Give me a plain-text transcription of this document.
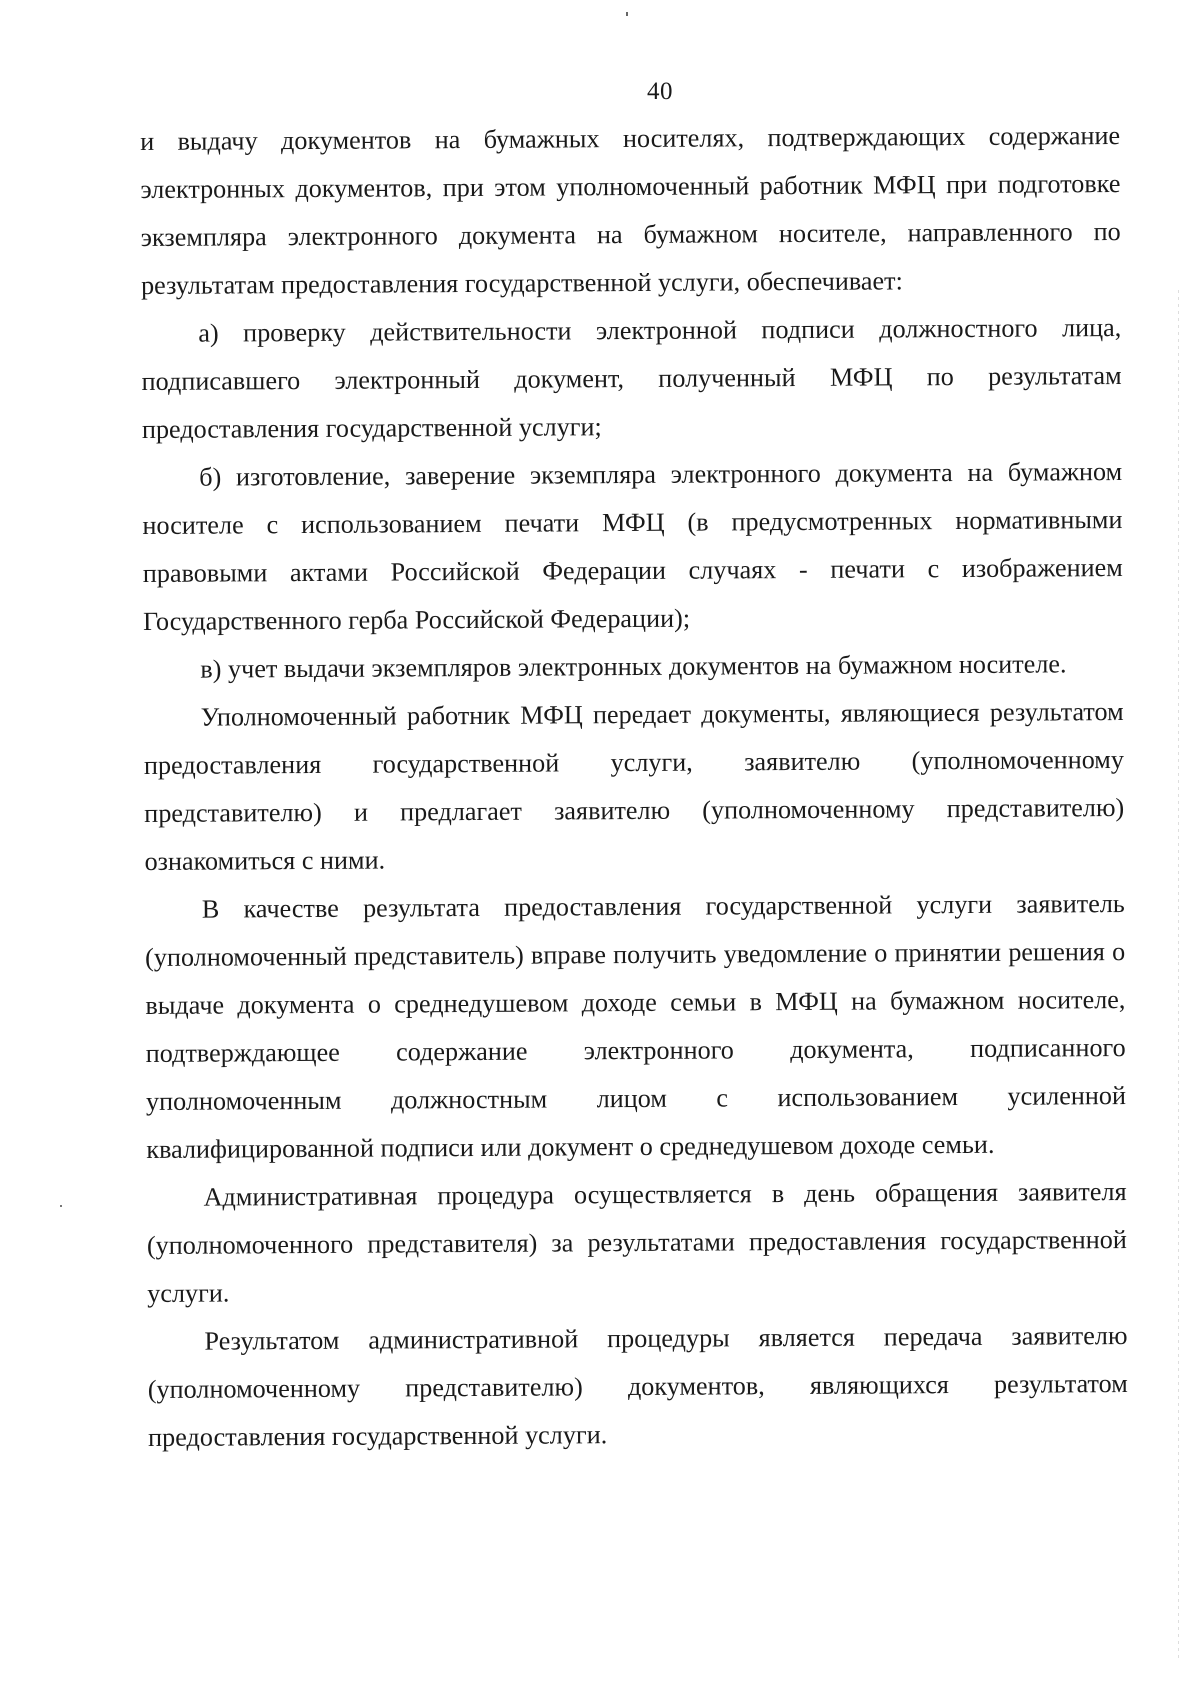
40

и выдачу документов на бумажных носителях, подтверждающих содержание электронных документов, при этом уполномоченный работник МФЦ при подготовке экземпляра электронного документа на бумажном носителе, направленного по результатам предоставления государственной услуги, обеспечивает:

а) проверку действительности электронной подписи должностного лица, подписавшего электронный документ, полученный МФЦ по результатам предоставления государственной услуги;

б) изготовление, заверение экземпляра электронного документа на бумажном носителе с использованием печати МФЦ (в предусмотренных нормативными правовыми актами Российской Федерации случаях - печати с изображением Государственного герба Российской Федерации);

в) учет выдачи экземпляров электронных документов на бумажном носителе.

Уполномоченный работник МФЦ передает документы, являющиеся результатом предоставления государственной услуги, заявителю (уполномоченному представителю) и предлагает заявителю (уполномоченному представителю) ознакомиться с ними.

В качестве результата предоставления государственной услуги заявитель (уполномоченный представитель) вправе получить уведомление о принятии решения о выдаче документа о среднедушевом доходе семьи в МФЦ на бумажном носителе, подтверждающее содержание электронного документа, подписанного уполномоченным должностным лицом с использованием усиленной квалифицированной подписи или документ о среднедушевом доходе семьи.

Административная процедура осуществляется в день обращения заявителя (уполномоченного представителя) за результатами предоставления государственной услуги.

Результатом административной процедуры является передача заявителю (уполномоченному представителю) документов, являющихся результатом предоставления государственной услуги.
